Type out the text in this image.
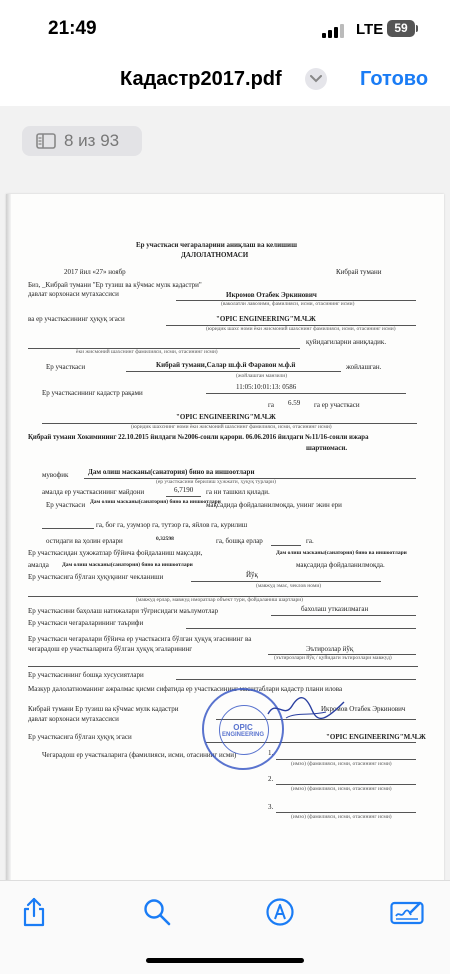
21:49	LTE 59
Кадастр2017.pdf	Готово
8 из 93
Ер участкаси чегараларини аниқлаш ва келишиш
ДАЛОЛАТНОМАСИ
2017 йил «27» ноябр	Кибрай тумани
Биз, _Кибрай тумани "Ер тузиш ва кўчмас мулк кадастри"
давлат корхонаси мутахассиси	Икромов Отабек Эркинович
(ваколатли лавозими, фамилияси, исми, отасининг исми)
ва ер участкасининг ҳуқуқ эгаси	"OPIC ENGINEERING"М.Ч.Ж
(юридик шахс номи ёки жисмоний шахснинг фамилияси, исми, отасининг исми)
қуйидагиларни аниқладик.
ёки жисмоний шахснинг фамилияси, исми, отасининг исми)
Ер участкаси	Кибрай тумани,Салар ш.ф.й Фаравон м.ф.й	жойлашган.
(жойлашган манзили)
Ер участкасининг кадастр рақами
11:05:10:01:13: 0586
га 6.59 га ер участкаси
"OPIC ENGINEERING"М.Ч.Ж
(юридик шахснинг номи ёки жисмоний шахснинг фамилияси, исми, отасининг исми)
Қибрай тумани Хокимининг 22.10.2015 йилдаги №2006-сонли қарори. 06.06.2016 йилдаги №11/16-сонли ижара
шартномаси.
мувофик	Дам олиш масканы(санатория) бино ва иншоотлари
(ер участкасини берилиш ҳужжати, ҳуқуқ турлари)
амалда ер участкасининг майдони	6,7190 га ни ташкил қилади.
Ер участкаси Дам олиш масканы(санатория) бино ва иншоотлари
мақсадида фойдаланилмоқда, унинг экин ери
га, боғ га, узумзор га, тутзор га, яйлов га, курилиш
остидаги ва ҳолин ерлари	0,32598	га, бошқа ерлар	га.
Ер участкасидан ҳужжатлар бўйича фойдаланиш мақсади,	Дам олиш масканы(санатория) бино ва иншоотлари
амалда Дам олиш масканы(санатория) бино ва иншоотлари	мақсадида фойдаланилмоқда.
Ер участкасига бўлган ҳуқуқнинг чекланиши	Йўқ
(мавжуд эмас, чеклов номи)
(мавжуд ерлар, мавжуд иморатлар объект тури, фойдаланиш шартлари)
Ер участкасини баҳолаш натижалари тўғрисидаги маълумотлар	бахолаш утказилмаган
Ер участкаси чегараларининг таърифи
Ер участкаси чегаралари бўйича ер участкасига бўлган ҳуқуқ эгасининг ва
чегарадош ер участкаларига бўлган ҳуқуқ эгаларининг	Эътирозлар йўқ
(эътирозлари йўқ / қуйидаги эътирозлари мавжуд)
Ер участкасининг бошқа хусусиятлари
Мазкур далолатноманинг ажралмас қисми сифатида ер участкасининг масштаблари кадастр плани илова
Кибрай тумани Ер тузиш ва кўчмас мулк кадастри
давлат корхонаси мутахассиси
Икромов Отабек Эркинович
Ер участкасига бўлган ҳуқуқ эгаси	"OPIC ENGINEERING"М.Ч.Ж
Чегарадош ер участкаларига (фамилияси, исми, отасининг исми)	1.
(имзо) (фамилияси, исми, отасининг исми)
2.
(имзо) (фамилияси, исми, отасининг исми)
3.
(имзо) (фамилияси, исми, отасининг исми)
OPIC
ENGINEERING
